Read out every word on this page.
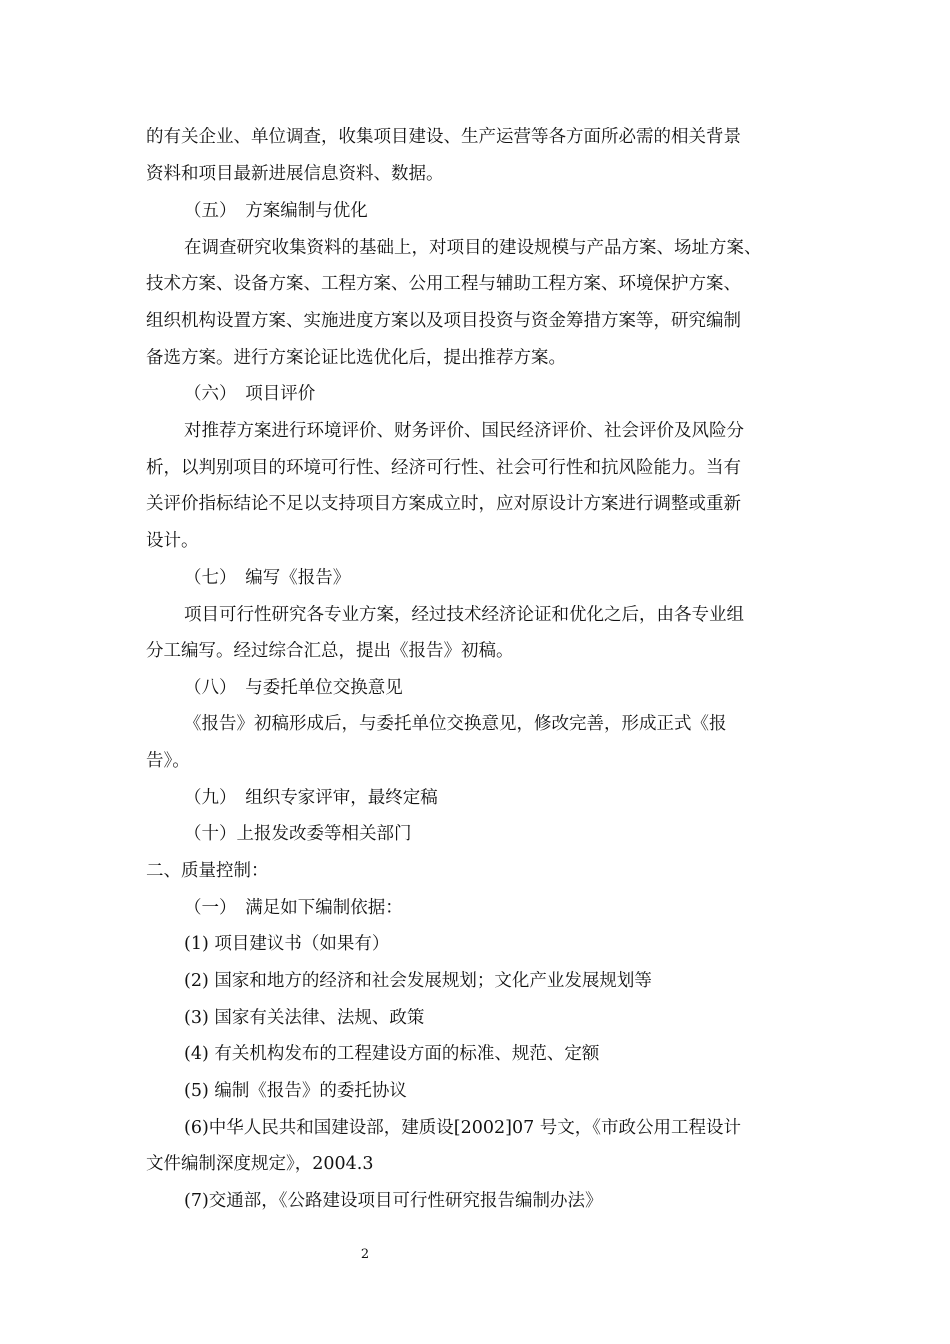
的有关企业、单位调查，收集项目建设、生产运营等各方面所必需的相关背景
资料和项目最新进展信息资料、数据。
（五）　方案编制与优化
在调查研究收集资料的基础上，对项目的建设规模与产品方案、场址方案、
技术方案、设备方案、工程方案、公用工程与辅助工程方案、环境保护方案、
组织机构设置方案、实施进度方案以及项目投资与资金筹措方案等，研究编制
备选方案。进行方案论证比选优化后，提出推荐方案。
（六）　项目评价
对推荐方案进行环境评价、财务评价、国民经济评价、社会评价及风险分
析，以判别项目的环境可行性、经济可行性、社会可行性和抗风险能力。当有
关评价指标结论不足以支持项目方案成立时，应对原设计方案进行调整或重新
设计。
（七）　编写《报告》
项目可行性研究各专业方案，经过技术经济论证和优化之后，由各专业组
分工编写。经过综合汇总，提出《报告》初稿。
（八）　与委托单位交换意见
《报告》初稿形成后，与委托单位交换意见，修改完善，形成正式《报
告》。
（九）　组织专家评审，最终定稿
（十）上报发改委等相关部门
二、质量控制：
（一）　满足如下编制依据：
(1) 项目建议书（如果有）
(2) 国家和地方的经济和社会发展规划；文化产业发展规划等
(3) 国家有关法律、法规、政策
(4) 有关机构发布的工程建设方面的标准、规范、定额
(5) 编制《报告》的委托协议
(6)中华人民共和国建设部，建质设[2002]07 号文，《市政公用工程设计
文件编制深度规定》，2004.3
(7)交通部，《公路建设项目可行性研究报告编制办法》
2
